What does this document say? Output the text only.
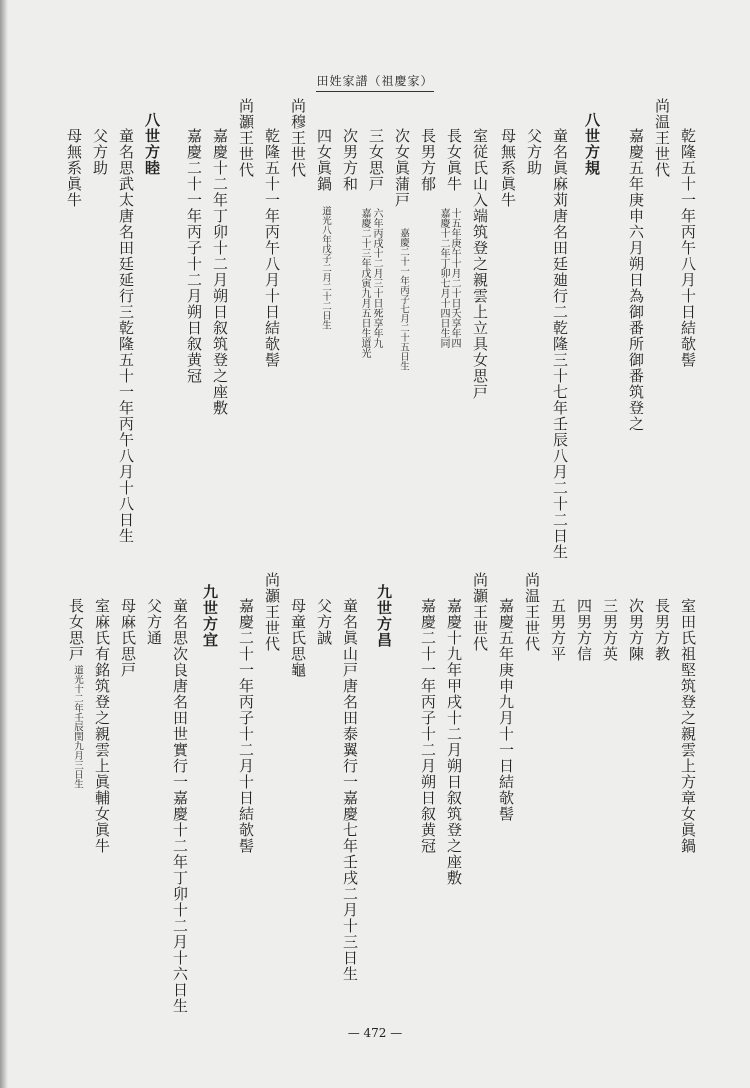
田姓家譜（祖慶家）
乾隆五十一年丙午八月十日結欹髻
尚温王世代
嘉慶五年庚申六月朔日為御番所御番筑登之
八世方規
童名眞麻苅唐名田廷廸行二乾隆三十七年壬辰八月二十二日生
父方助
母無系眞牛
室従氏山入端筑登之親雲上立具女思戸
長女眞牛
嘉慶十二年丁卯七月十四日生同 十五年庚午十月二十日夭享年四
長男方郁
次女眞蒲戸
嘉慶二十一年丙子七月二十五日生
三女思戸
嘉慶二十三年戊寅九月五日生道光 六年丙戌十二月三十日死享年九
次男方和
四女眞鍋
道光八年戊子二月二十二日生
尚穆王世代
乾隆五十一年丙午八月十日結欹髻
尚灝王世代
嘉慶十二年丁卯十二月朔日叙筑登之座敷
嘉慶二十一年丙子十二月朔日叙黄冠
八世方睦
童名思武太唐名田廷延行三乾隆五十一年丙午八月十八日生
父方助
母無系眞牛
室田氏祖堅筑登之親雲上方章女眞鍋
長男方教
次男方陳
三男方英
四男方信
五男方平
尚温王世代
嘉慶五年庚申九月十一日結欹髻
尚灝王世代
嘉慶十九年甲戌十二月朔日叙筑登之座敷
嘉慶二十一年丙子十二月朔日叙黄冠
九世方昌
童名眞山戸唐名田泰翼行一嘉慶七年壬戌二月十三日生
父方誠
母童氏思龜
尚灝王世代
嘉慶二十一年丙子十二月十日結欹髻
九世方宜
童名思次良唐名田世實行一嘉慶十二年丁卯十二月十六日生
父方通
母麻氏思戸
室麻氏有銘筑登之親雲上眞輔女眞牛
長女思戸
道光十二年壬辰閏九月三日生
— 472 —
